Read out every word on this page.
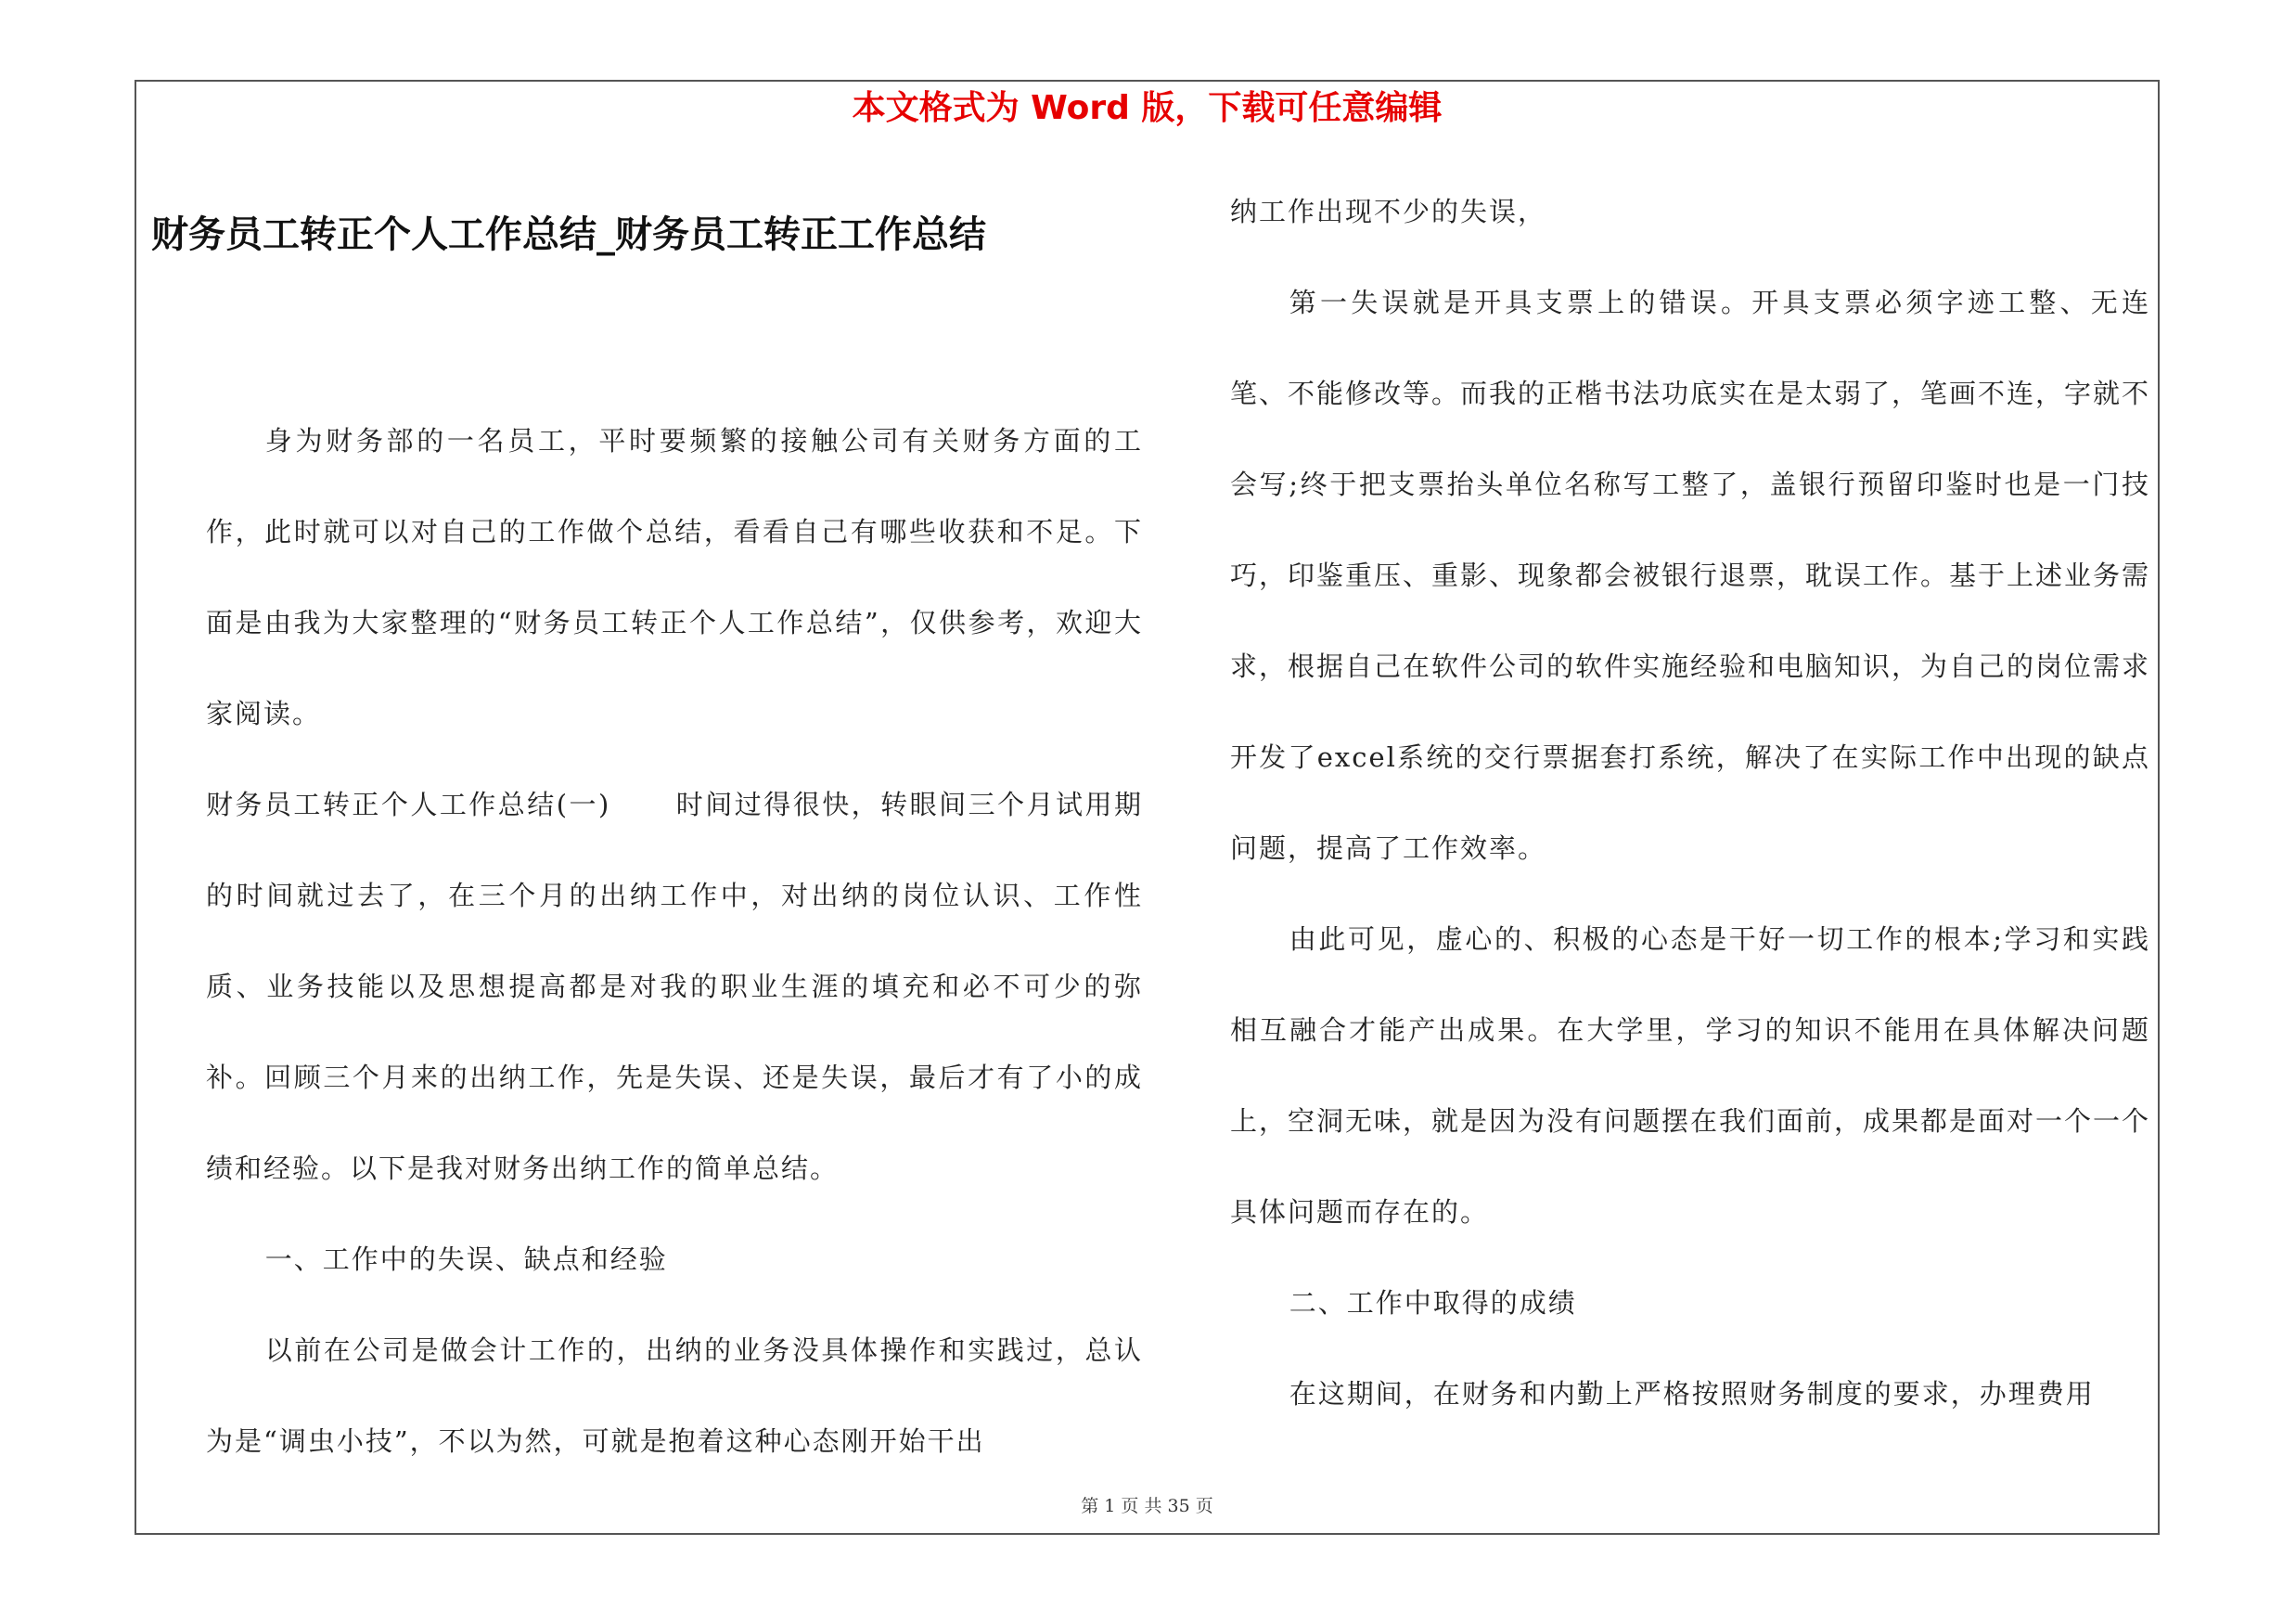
本文格式为 Word 版，下载可任意编辑
财务员工转正个人工作总结_财务员工转正工作总结

身为财务部的一名员工，平时要频繁的接触公司有关财务方面的工作，此时就可以对自己的工作做个总结，看看自己有哪些收获和不足。下面是由我为大家整理的“财务员工转正个人工作总结”，仅供参考，欢迎大家阅读。

财务员工转正个人工作总结(一) 时间过得很快，转眼间三个月试用期的时间就过去了，在三个月的出纳工作中，对出纳的岗位认识、工作性质、业务技能以及思想提高都是对我的职业生涯的填充和必不可少的弥补。回顾三个月来的出纳工作，先是失误、还是失误，最后才有了小的成绩和经验。以下是我对财务出纳工作的简单总结。

一、工作中的失误、缺点和经验

以前在公司是做会计工作的，出纳的业务没具体操作和实践过，总认为是“调虫小技”，不以为然，可就是抱着这种心态刚开始干出

纳工作出现不少的失误，

第一失误就是开具支票上的错误。开具支票必须字迹工整、无连笔、不能修改等。而我的正楷书法功底实在是太弱了，笔画不连，字就不会写;终于把支票抬头单位名称写工整了，盖银行预留印鉴时也是一门技巧，印鉴重压、重影、现象都会被银行退票，耽误工作。基于上述业务需求，根据自己在软件公司的软件实施经验和电脑知识，为自己的岗位需求开发了excel系统的交行票据套打系统，解决了在实际工作中出现的缺点问题，提高了工作效率。

由此可见，虚心的、积极的心态是干好一切工作的根本;学习和实践相互融合才能产出成果。在大学里，学习的知识不能用在具体解决问题上，空洞无味，就是因为没有问题摆在我们面前，成果都是面对一个一个具体问题而存在的。

二、工作中取得的成绩

在这期间，在财务和内勤上严格按照财务制度的要求，办理费用

第 1 页 共 35 页
